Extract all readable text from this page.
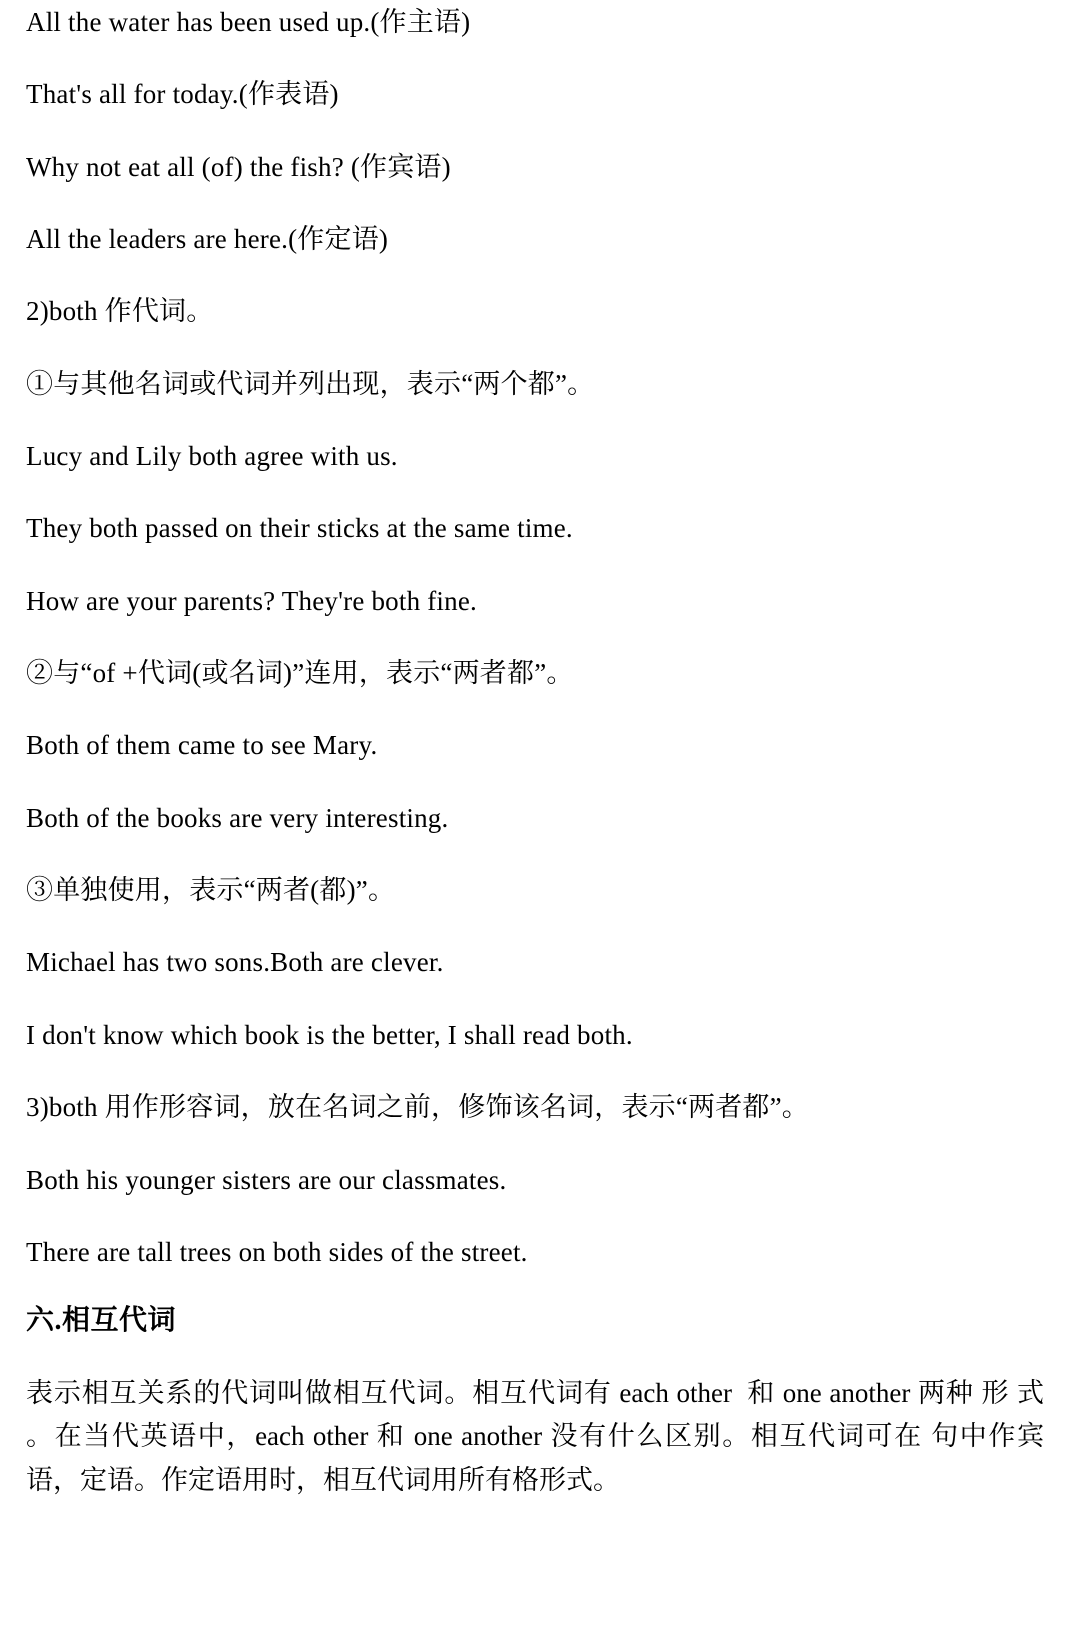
All the water has been used up.(作主语)

That's all for today.(作表语)

Why not eat all (of) the fish? (作宾语)

All the leaders are here.(作定语)

2)both 作代词。

①与其他名词或代词并列出现，表示“两个都”。

Lucy and Lily both agree with us.

They both passed on their sticks at the same time.

How are your parents? They're both fine.

②与“of +代词(或名词)”连用，表示“两者都”。

Both of them came to see Mary.

Both of the books are very interesting.

③单独使用，表示“两者(都)”。

Michael has two sons.Both are clever.

I don't know which book is the better, I shall read both.

3)both 用作形容词，放在名词之前，修饰该名词，表示“两者都”。

Both his younger sisters are our classmates.

There are tall trees on both sides of the street.

六.相互代词

表示相互关系的代词叫做相互代词。相互代词有 each other  和 one another 两种 形 式 。在当代英语中，each other 和 one another 没有什么区别。相互代词可在 句中作宾语，定语。作定语用时，相互代词用所有格形式。
